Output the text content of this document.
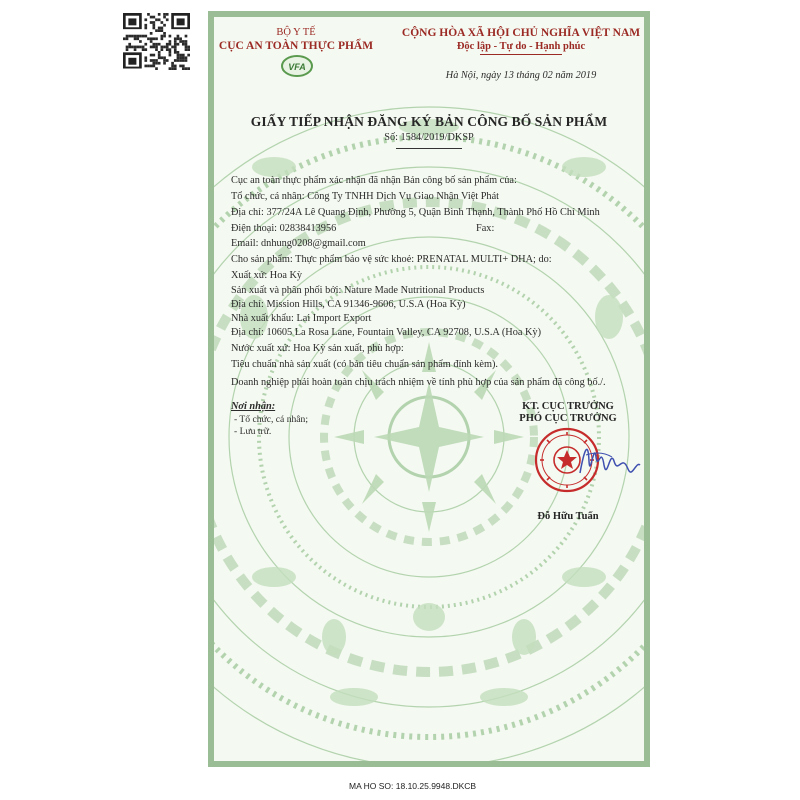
BỘ Y TẾ
CỤC AN TOÀN THỰC PHẨM
VFA
CỘNG HÒA XÃ HỘI CHỦ NGHĨA VIỆT NAM
Độc lập - Tự do - Hạnh phúc
Hà Nội, ngày 13 tháng 02 năm 2019
GIẤY TIẾP NHẬN ĐĂNG KÝ BẢN CÔNG BỐ SẢN PHẨM
Số: 1584/2019/DKSP
Cục an toàn thực phẩm xác nhận đã nhận Bản công bố sản phẩm của:
Tổ chức, cá nhân: Công Ty TNHH Dịch Vụ Giao Nhận Việt Phát
Địa chỉ: 377/24A Lê Quang Định, Phường 5, Quận Bình Thạnh, Thành Phố Hồ Chí Minh
Điện thoại: 02838413956	Fax:
Email: dnhung0208@gmail.com
Cho sản phẩm: Thực phẩm bảo vệ sức khoẻ: PRENATAL MULTI+ DHA; do:
Xuất xứ: Hoa Kỳ
Sản xuất và phân phối bởi: Nature Made Nutritional Products
Địa chỉ: Mission Hills, CA 91346-9606, U.S.A (Hoa Kỳ)
Nhà xuất khẩu: Lai Import Export
Địa chỉ: 10605 La Rosa Lane, Fountain Valley, CA 92708, U.S.A (Hoa Kỳ)
Nước xuất xứ: Hoa Kỳ sản xuất, phù hợp:
Tiêu chuẩn nhà sản xuất (có bản tiêu chuẩn sản phẩm đính kèm).
Doanh nghiệp phải hoàn toàn chịu trách nhiệm về tính phù hợp của sản phẩm đã công bố./.
Nơi nhận:
- Tổ chức, cá nhân;
- Lưu trữ.
KT. CỤC TRƯỞNG
PHÓ CỤC TRƯỞNG
Đỗ Hữu Tuấn
MA HO SO: 18.10.25.9948.DKCB
